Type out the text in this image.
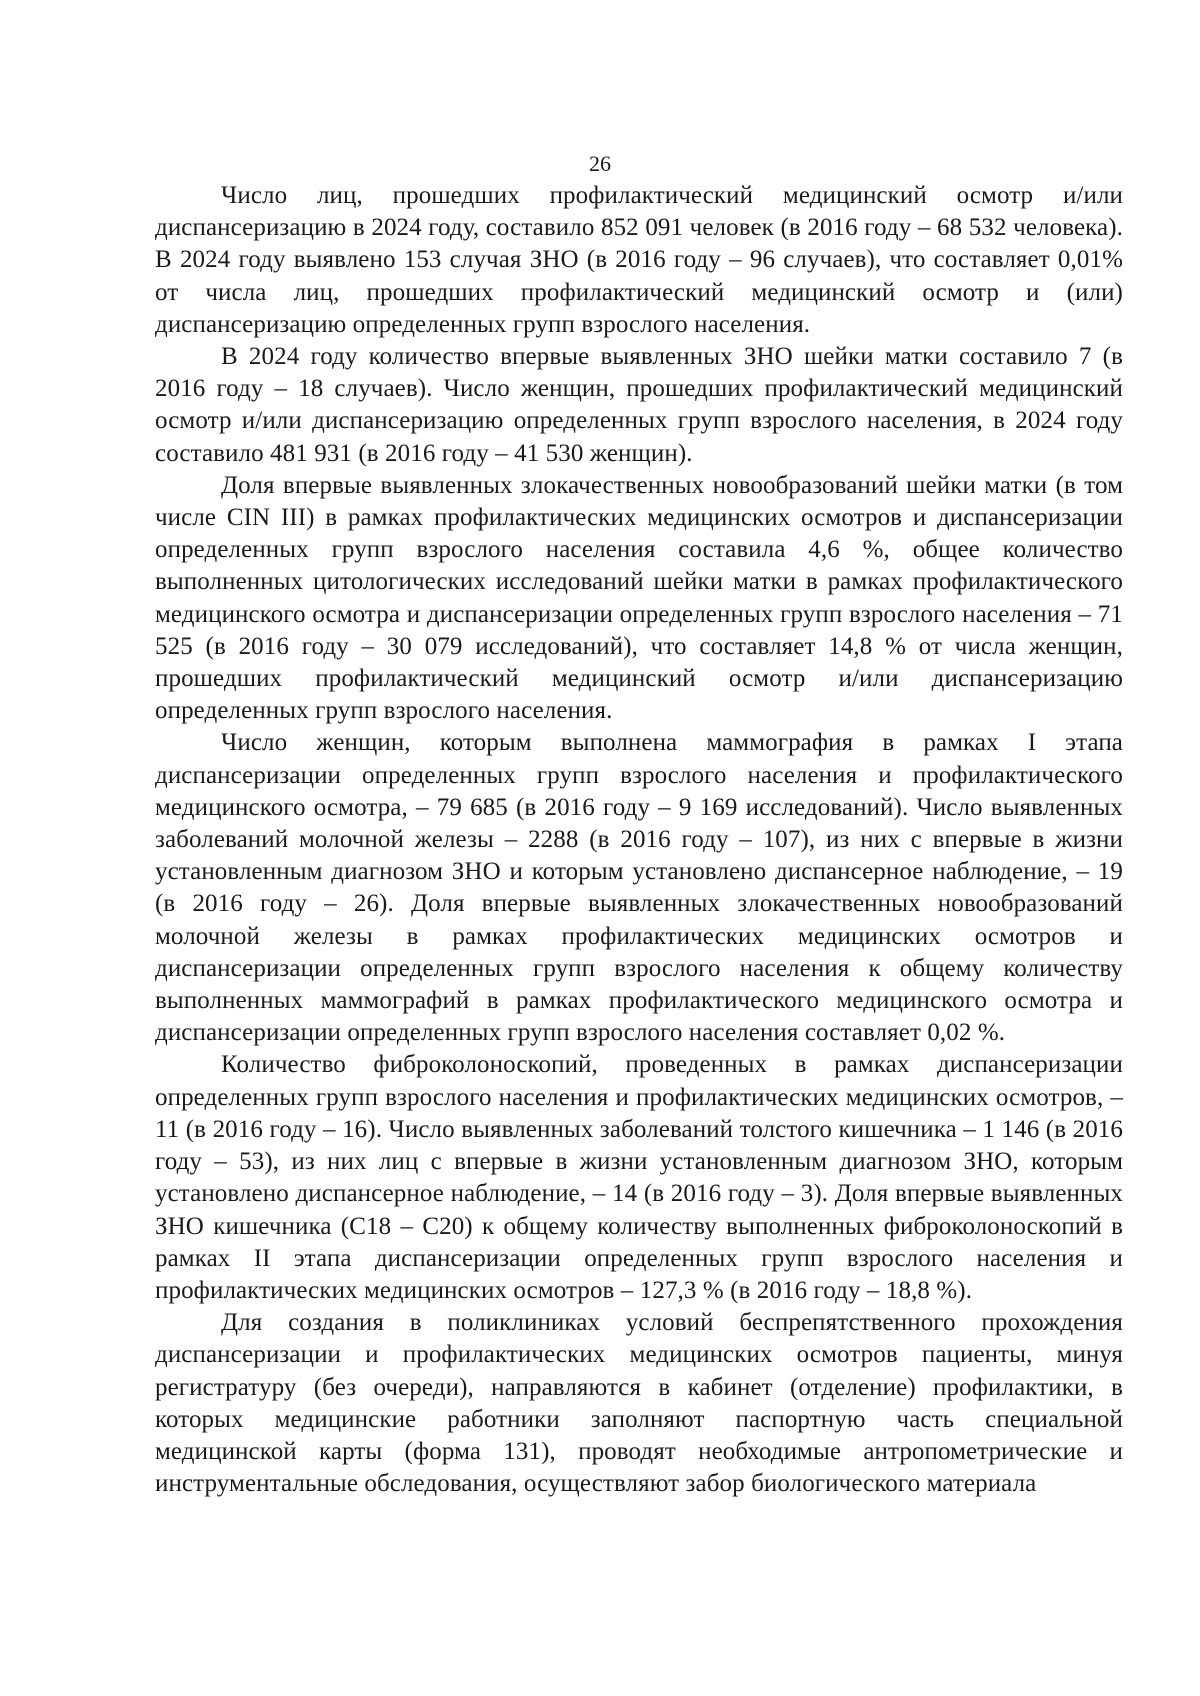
26

Число лиц, прошедших профилактический медицинский осмотр и/или диспансеризацию в 2024 году, составило 852 091 человек (в 2016 году – 68 532 человека). В 2024 году выявлено 153 случая ЗНО (в 2016 году – 96 случаев), что составляет 0,01% от числа лиц, прошедших профилактический медицинский осмотр и (или) диспансеризацию определенных групп взрослого населения.

В 2024 году количество впервые выявленных ЗНО шейки матки составило 7 (в 2016 году – 18 случаев). Число женщин, прошедших профилактический медицинский осмотр и/или диспансеризацию определенных групп взрослого населения, в 2024 году составило 481 931 (в 2016 году – 41 530 женщин).

Доля впервые выявленных злокачественных новообразований шейки матки (в том числе CIN III) в рамках профилактических медицинских осмотров и диспансеризации определенных групп взрослого населения составила 4,6 %, общее количество выполненных цитологических исследований шейки матки в рамках профилактического медицинского осмотра и диспансеризации определенных групп взрослого населения – 71 525 (в 2016 году – 30 079 исследований), что составляет 14,8 % от числа женщин, прошедших профилактический медицинский осмотр и/или диспансеризацию определенных групп взрослого населения.

Число женщин, которым выполнена маммография в рамках I этапа диспансеризации определенных групп взрослого населения и профилактического медицинского осмотра, – 79 685 (в 2016 году – 9 169 исследований). Число выявленных заболеваний молочной железы – 2288 (в 2016 году – 107), из них с впервые в жизни установленным диагнозом ЗНО и которым установлено диспансерное наблюдение, – 19 (в 2016 году – 26). Доля впервые выявленных злокачественных новообразований молочной железы в рамках профилактических медицинских осмотров и диспансеризации определенных групп взрослого населения к общему количеству выполненных маммографий в рамках профилактического медицинского осмотра и диспансеризации определенных групп взрослого населения составляет 0,02 %.

Количество фиброколоноскопий, проведенных в рамках диспансеризации определенных групп взрослого населения и профилактических медицинских осмотров, – 11 (в 2016 году – 16). Число выявленных заболеваний толстого кишечника – 1 146 (в 2016 году – 53), из них лиц с впервые в жизни установленным диагнозом ЗНО, которым установлено диспансерное наблюдение, – 14 (в 2016 году – 3). Доля впервые выявленных ЗНО кишечника (С18 – С20) к общему количеству выполненных фиброколоноскопий в рамках II этапа диспансеризации определенных групп взрослого населения и профилактических медицинских осмотров – 127,3 % (в 2016 году – 18,8 %).

Для создания в поликлиниках условий беспрепятственного прохождения диспансеризации и профилактических медицинских осмотров пациенты, минуя регистратуру (без очереди), направляются в кабинет (отделение) профилактики, в которых медицинские работники заполняют паспортную часть специальной медицинской карты (форма 131), проводят необходимые антропометрические и инструментальные обследования, осуществляют забор биологического материала
